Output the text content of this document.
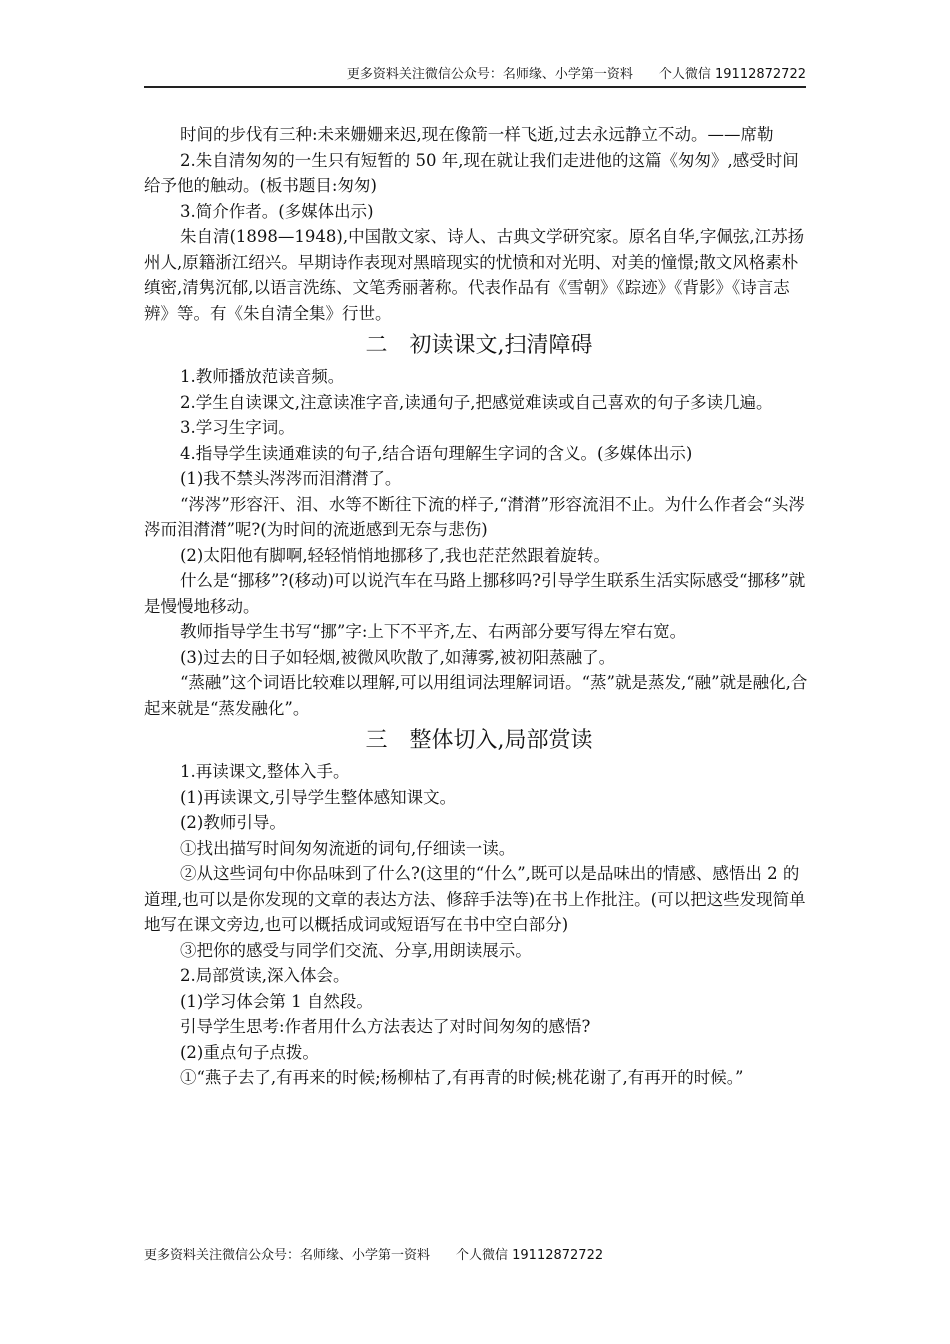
更多资料关注微信公众号：名师缘、小学第一资料　　个人微信 19112872722

时间的步伐有三种:未来姗姗来迟,现在像箭一样飞逝,过去永远静立不动。——席勒

2.朱自清匆匆的一生只有短暂的 50 年,现在就让我们走进他的这篇《匆匆》,感受时间给予他的触动。(板书题目:匆匆)

3.简介作者。(多媒体出示)

朱自清(1898—1948),中国散文家、诗人、古典文学研究家。原名自华,字佩弦,江苏扬州人,原籍浙江绍兴。早期诗作表现对黑暗现实的忧愤和对光明、对美的憧憬;散文风格素朴缜密,清隽沉郁,以语言洗练、文笔秀丽著称。代表作品有《雪朝》《踪迹》《背影》《诗言志辨》等。有《朱自清全集》行世。

二　初读课文,扫清障碍

1.教师播放范读音频。

2.学生自读课文,注意读准字音,读通句子,把感觉难读或自己喜欢的句子多读几遍。

3.学习生字词。

4.指导学生读通难读的句子,结合语句理解生字词的含义。(多媒体出示)

(1)我不禁头涔涔而泪潸潸了。

“涔涔”形容汗、泪、水等不断往下流的样子,“潸潸”形容流泪不止。为什么作者会“头涔涔而泪潸潸”呢?(为时间的流逝感到无奈与悲伤)

(2)太阳他有脚啊,轻轻悄悄地挪移了,我也茫茫然跟着旋转。

什么是“挪移”?(移动)可以说汽车在马路上挪移吗?引导学生联系生活实际感受“挪移”就是慢慢地移动。

教师指导学生书写“挪”字:上下不平齐,左、右两部分要写得左窄右宽。

(3)过去的日子如轻烟,被微风吹散了,如薄雾,被初阳蒸融了。

“蒸融”这个词语比较难以理解,可以用组词法理解词语。“蒸”就是蒸发,“融”就是融化,合起来就是“蒸发融化”。

三　整体切入,局部赏读

1.再读课文,整体入手。

(1)再读课文,引导学生整体感知课文。

(2)教师引导。

①找出描写时间匆匆流逝的词句,仔细读一读。

②从这些词句中你品味到了什么?(这里的“什么”,既可以是品味出的情感、感悟出 2 的道理,也可以是你发现的文章的表达方法、修辞手法等)在书上作批注。(可以把这些发现简单地写在课文旁边,也可以概括成词或短语写在书中空白部分)

③把你的感受与同学们交流、分享,用朗读展示。

2.局部赏读,深入体会。

(1)学习体会第 1 自然段。

引导学生思考:作者用什么方法表达了对时间匆匆的感悟?

(2)重点句子点拨。

①“燕子去了,有再来的时候;杨柳枯了,有再青的时候;桃花谢了,有再开的时候。”

更多资料关注微信公众号：名师缘、小学第一资料　　个人微信 19112872722
